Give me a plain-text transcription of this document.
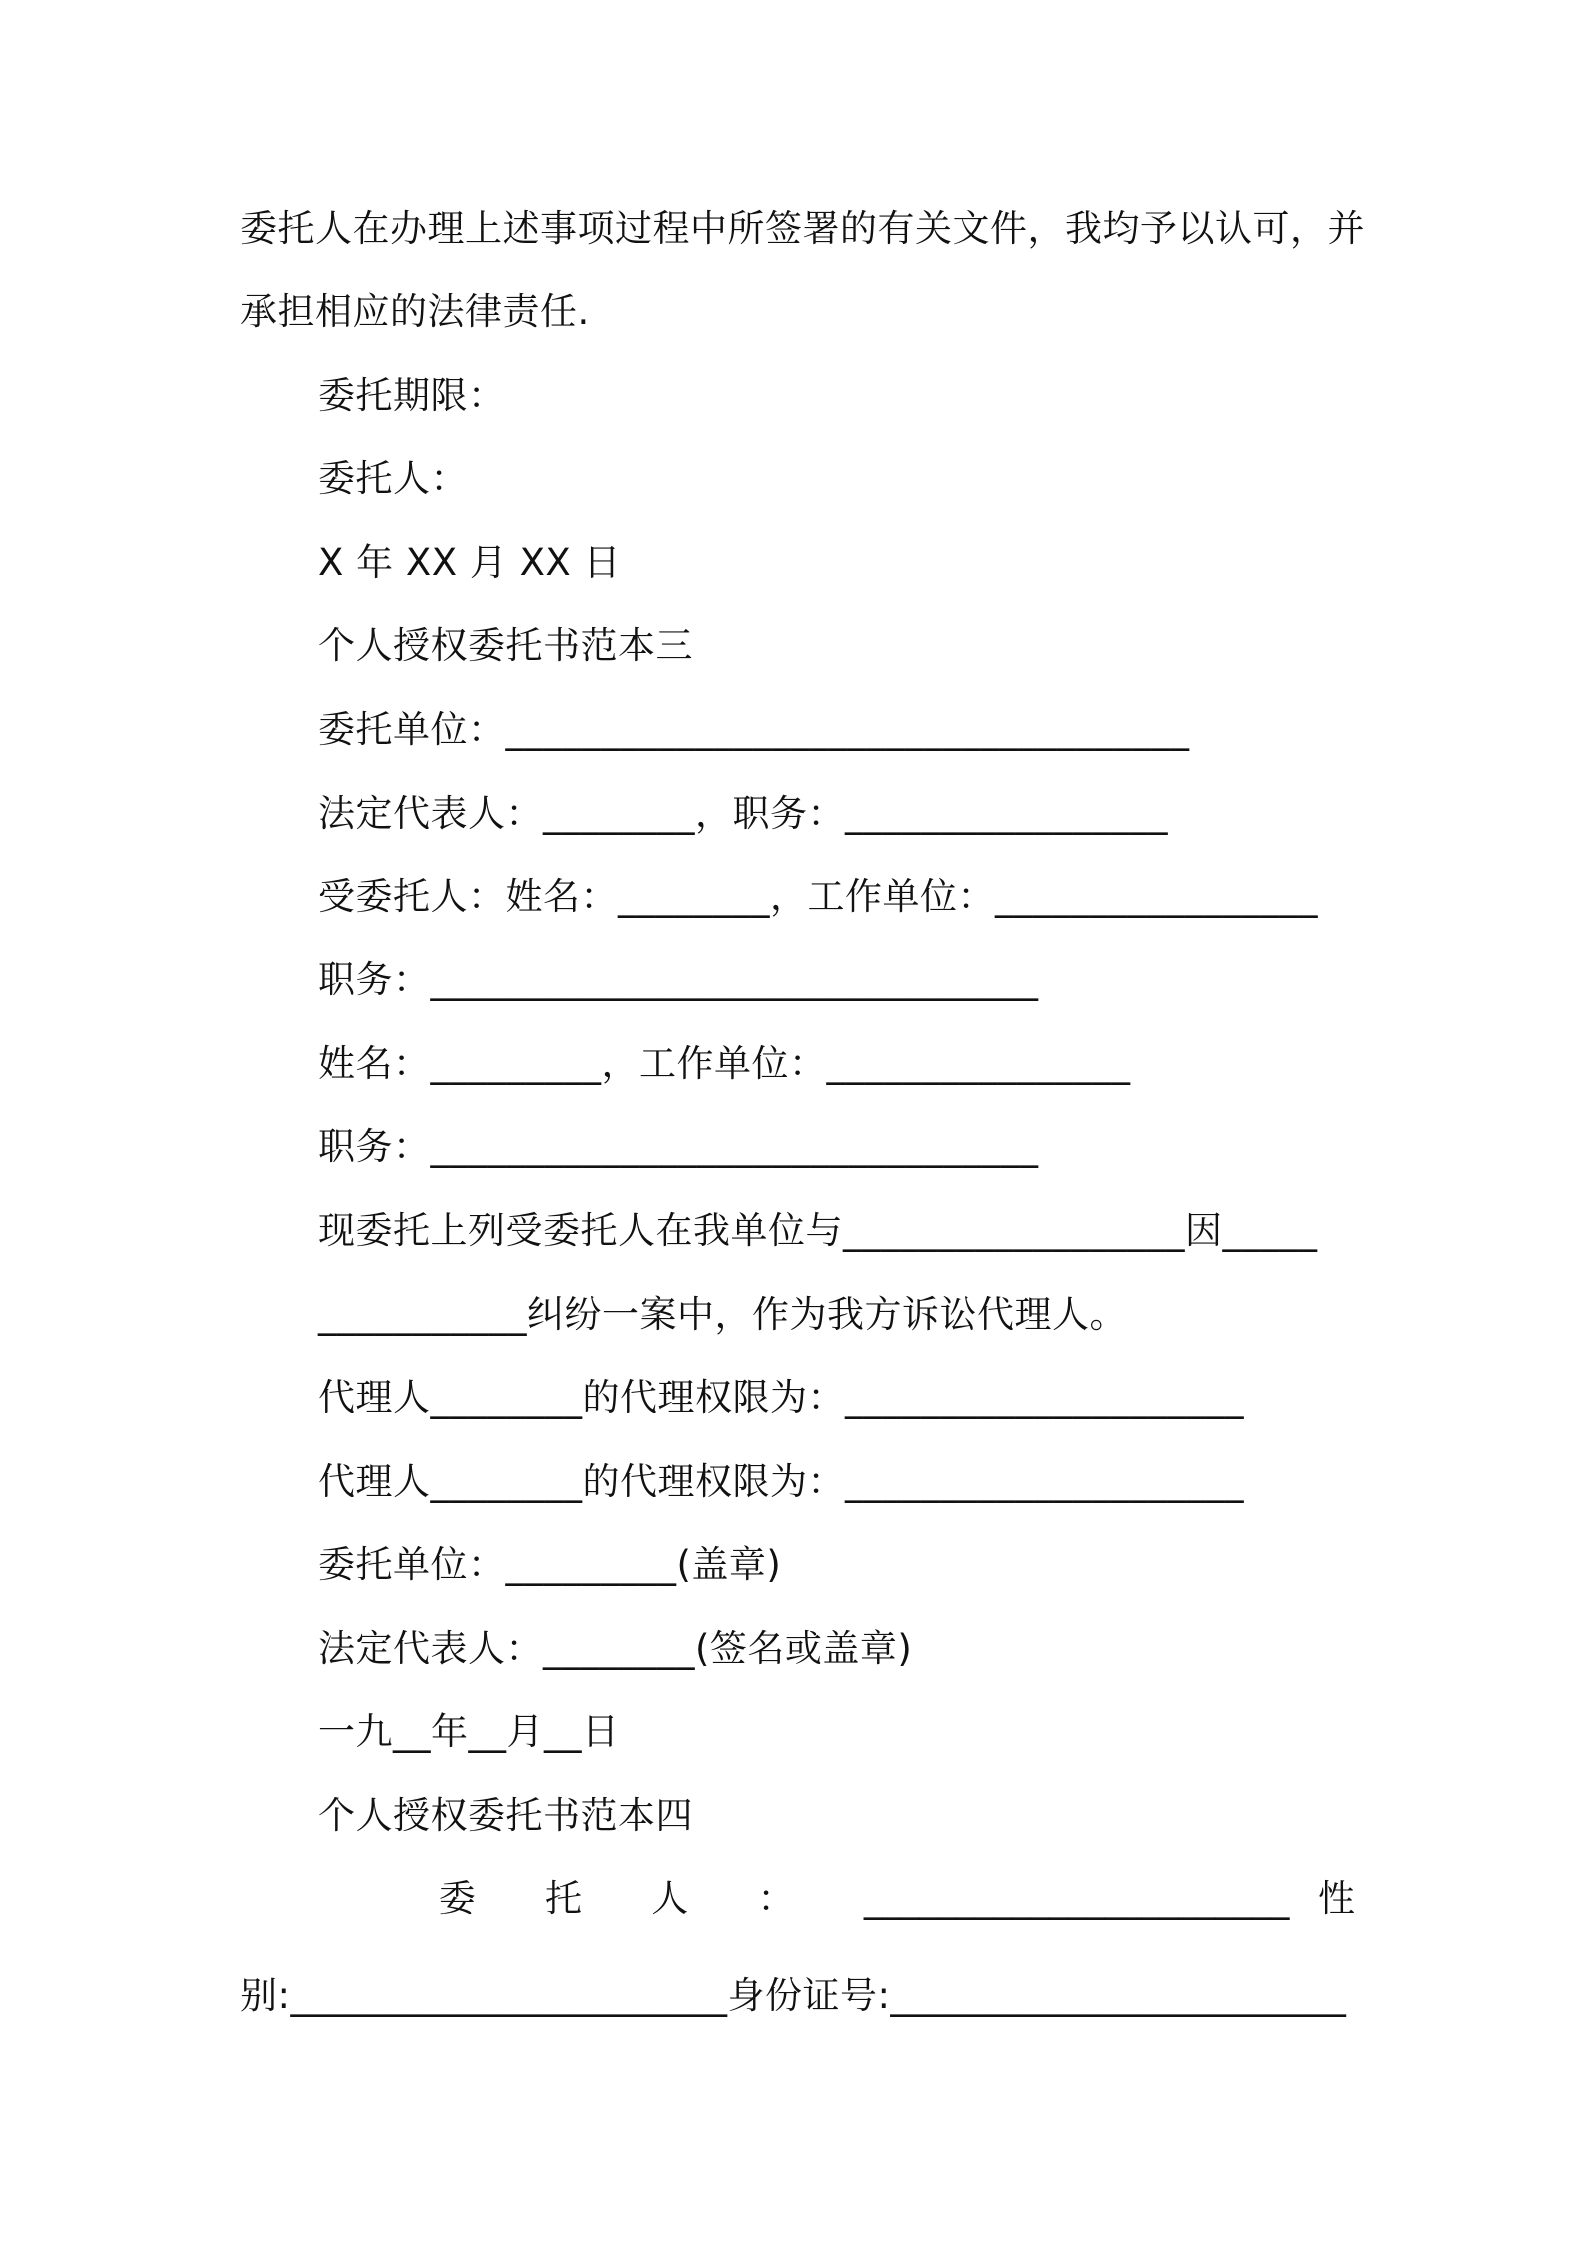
委托人在办理上述事项过程中所签署的有关文件，我均予以认可，并
承担相应的法律责任.
委托期限：
委托人：
X 年 XX 月 XX 日
个人授权委托书范本三
委托单位：____________________________________
法定代表人：________，职务：_________________
受委托人：姓名：________，工作单位：_________________
职务：________________________________
姓名：_________，工作单位：________________
职务：________________________________
现委托上列受委托人在我单位与__________________因_____
___________纠纷一案中，作为我方诉讼代理人。
代理人________的代理权限为：_____________________
代理人________的代理权限为：_____________________
委托单位：_________(盖章)
法定代表人：________(签名或盖章)
一九__年__月__日
个人授权委托书范本四
委 托 人 ： _______________________性
别:_______________________身份证号:________________________
